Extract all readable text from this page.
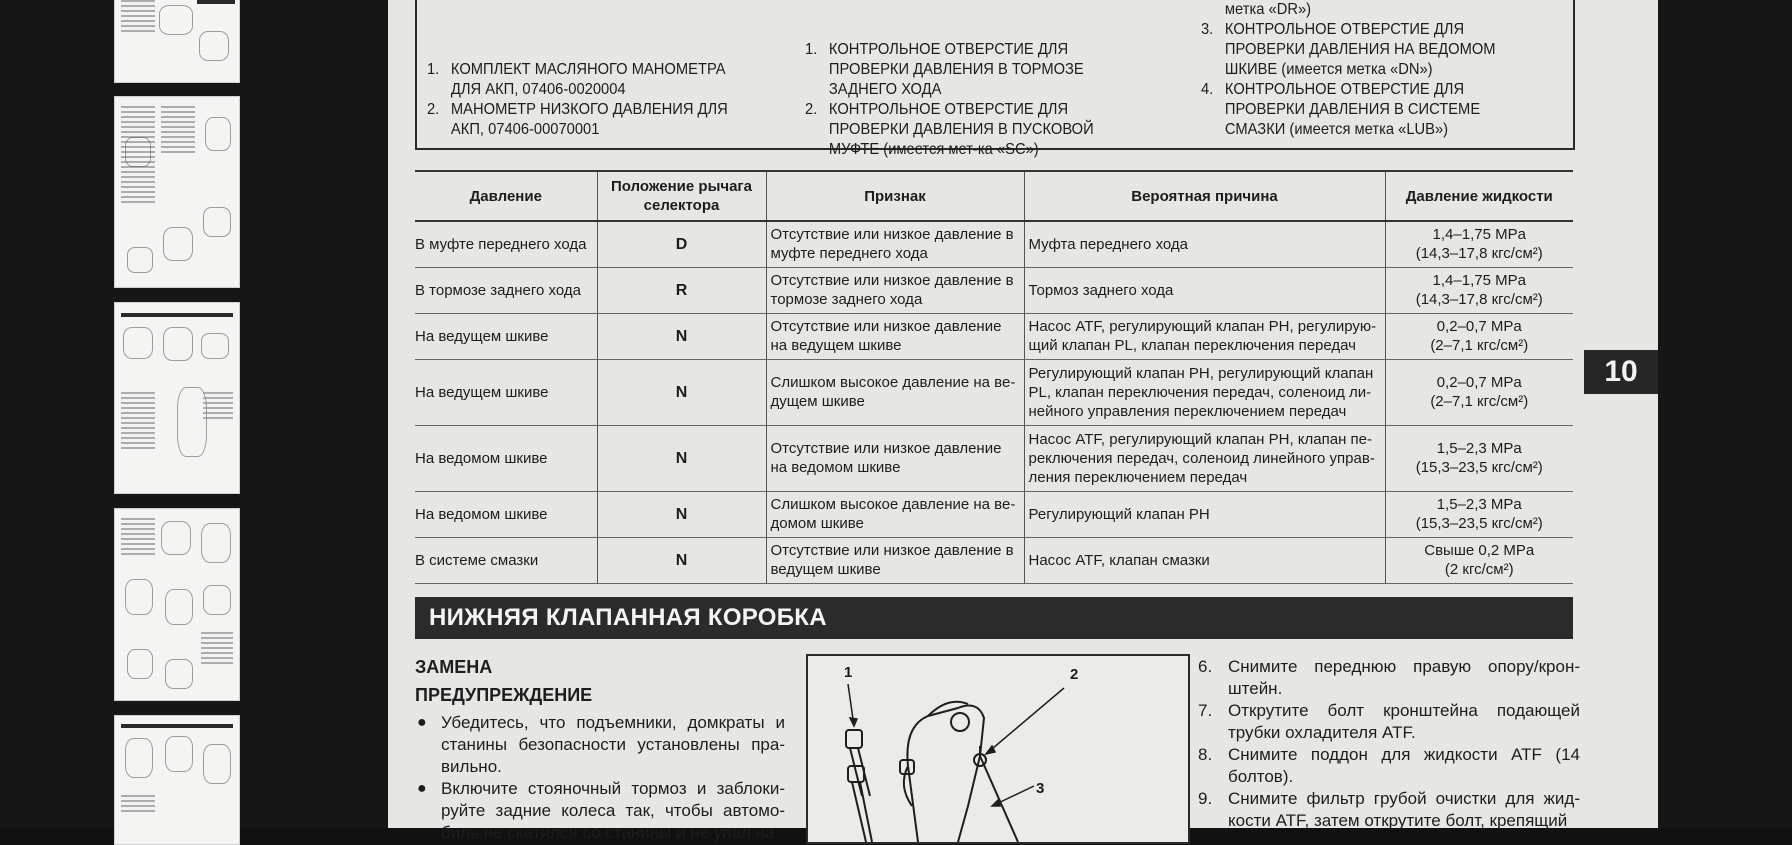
1. КОМПЛЕКТ МАСЛЯНОГО МАНОМЕТРА ДЛЯ АКП, 07406-0020004
2. МАНОМЕТР НИЗКОГО ДАВЛЕНИЯ ДЛЯ АКП, 07406-00070001
1. КОНТРОЛЬНОЕ ОТВЕРСТИЕ ДЛЯ ПРОВЕРКИ ДАВЛЕНИЯ В ТОРМОЗЕ ЗАДНЕГО ХОДА
2. КОНТРОЛЬНОЕ ОТВЕРСТИЕ ДЛЯ ПРОВЕРКИ ДАВЛЕНИЯ В ПУСКОВОЙ МУФТЕ (имеется мет-ка «SC»)
метка «DR»)
3. КОНТРОЛЬНОЕ ОТВЕРСТИЕ ДЛЯ ПРОВЕРКИ ДАВЛЕНИЯ НА ВЕДОМОМ ШКИВЕ (имеется метка «DN»)
4. КОНТРОЛЬНОЕ ОТВЕРСТИЕ ДЛЯ ПРОВЕРКИ ДАВЛЕНИЯ В СИСТЕМЕ СМАЗКИ (имеется метка «LUB»)
Давление	Положение рычага селектора	Признак	Вероятная причина	Давление жидкости
В муфте переднего хода	D	Отсутствие или низкое давление в муфте переднего хода	Муфта переднего хода	1,4–1,75 MPa
(14,3–17,8 кгс/см²)

В тормозе заднего хода	R	Отсутствие или низкое давление в тормозе заднего хода	Тормоз заднего хода	1,4–1,75 MPa
(14,3–17,8 кгс/см²)

На ведущем шкиве	N	Отсутствие или низкое давление на ведущем шкиве	Насос ATF, регулирующий клапан PH, регулирую-щий клапан PL, клапан переключения передач	0,2–0,7 MPa
(2–7,1 кгс/см²)

На ведущем шкиве	N	Слишком высокое давление на ве-дущем шкиве	Регулирующий клапан PH, регулирующий клапан PL, клапан переключения передач, соленоид ли-нейного управления переключением передач	0,2–0,7 MPa
(2–7,1 кгс/см²)

На ведомом шкиве	N	Отсутствие или низкое давление на ведомом шкиве	Насос ATF, регулирующий клапан PH, клапан пе-реключения передач, соленоид линейного управ-ления переключением передач	1,5–2,3 MPa
(15,3–23,5 кгс/см²)

На ведомом шкиве	N	Слишком высокое давление на ве-домом шкиве	Регулирующий клапан PH	1,5–2,3 MPa
(15,3–23,5 кгс/см²)

В системе смазки	N	Отсутствие или низкое давление в ведущем шкиве	Насос ATF, клапан смазки	Свыше 0,2 MPa
(2 кгс/см²)
НИЖНЯЯ КЛАПАННАЯ КОРОБКА
ЗАМЕНА
ПРЕДУПРЕЖДЕНИЕ
● Убедитесь, что подъемники, домкраты и станины безопасности установлены пра-вильно.
● Включите стояночный тормоз и заблоки-руйте задние колеса так, чтобы автомо-биль не скатился со станины и не упал на
1	2
3
6. Снимите переднюю правую опору/крон-штейн.
7. Открутите болт кронштейна подающей трубки охладителя ATF.
8. Снимите поддон для жидкости ATF (14 болтов).
9. Снимите фильтр грубой очистки для жид-кости ATF, затем открутите болт, крепящий
10
